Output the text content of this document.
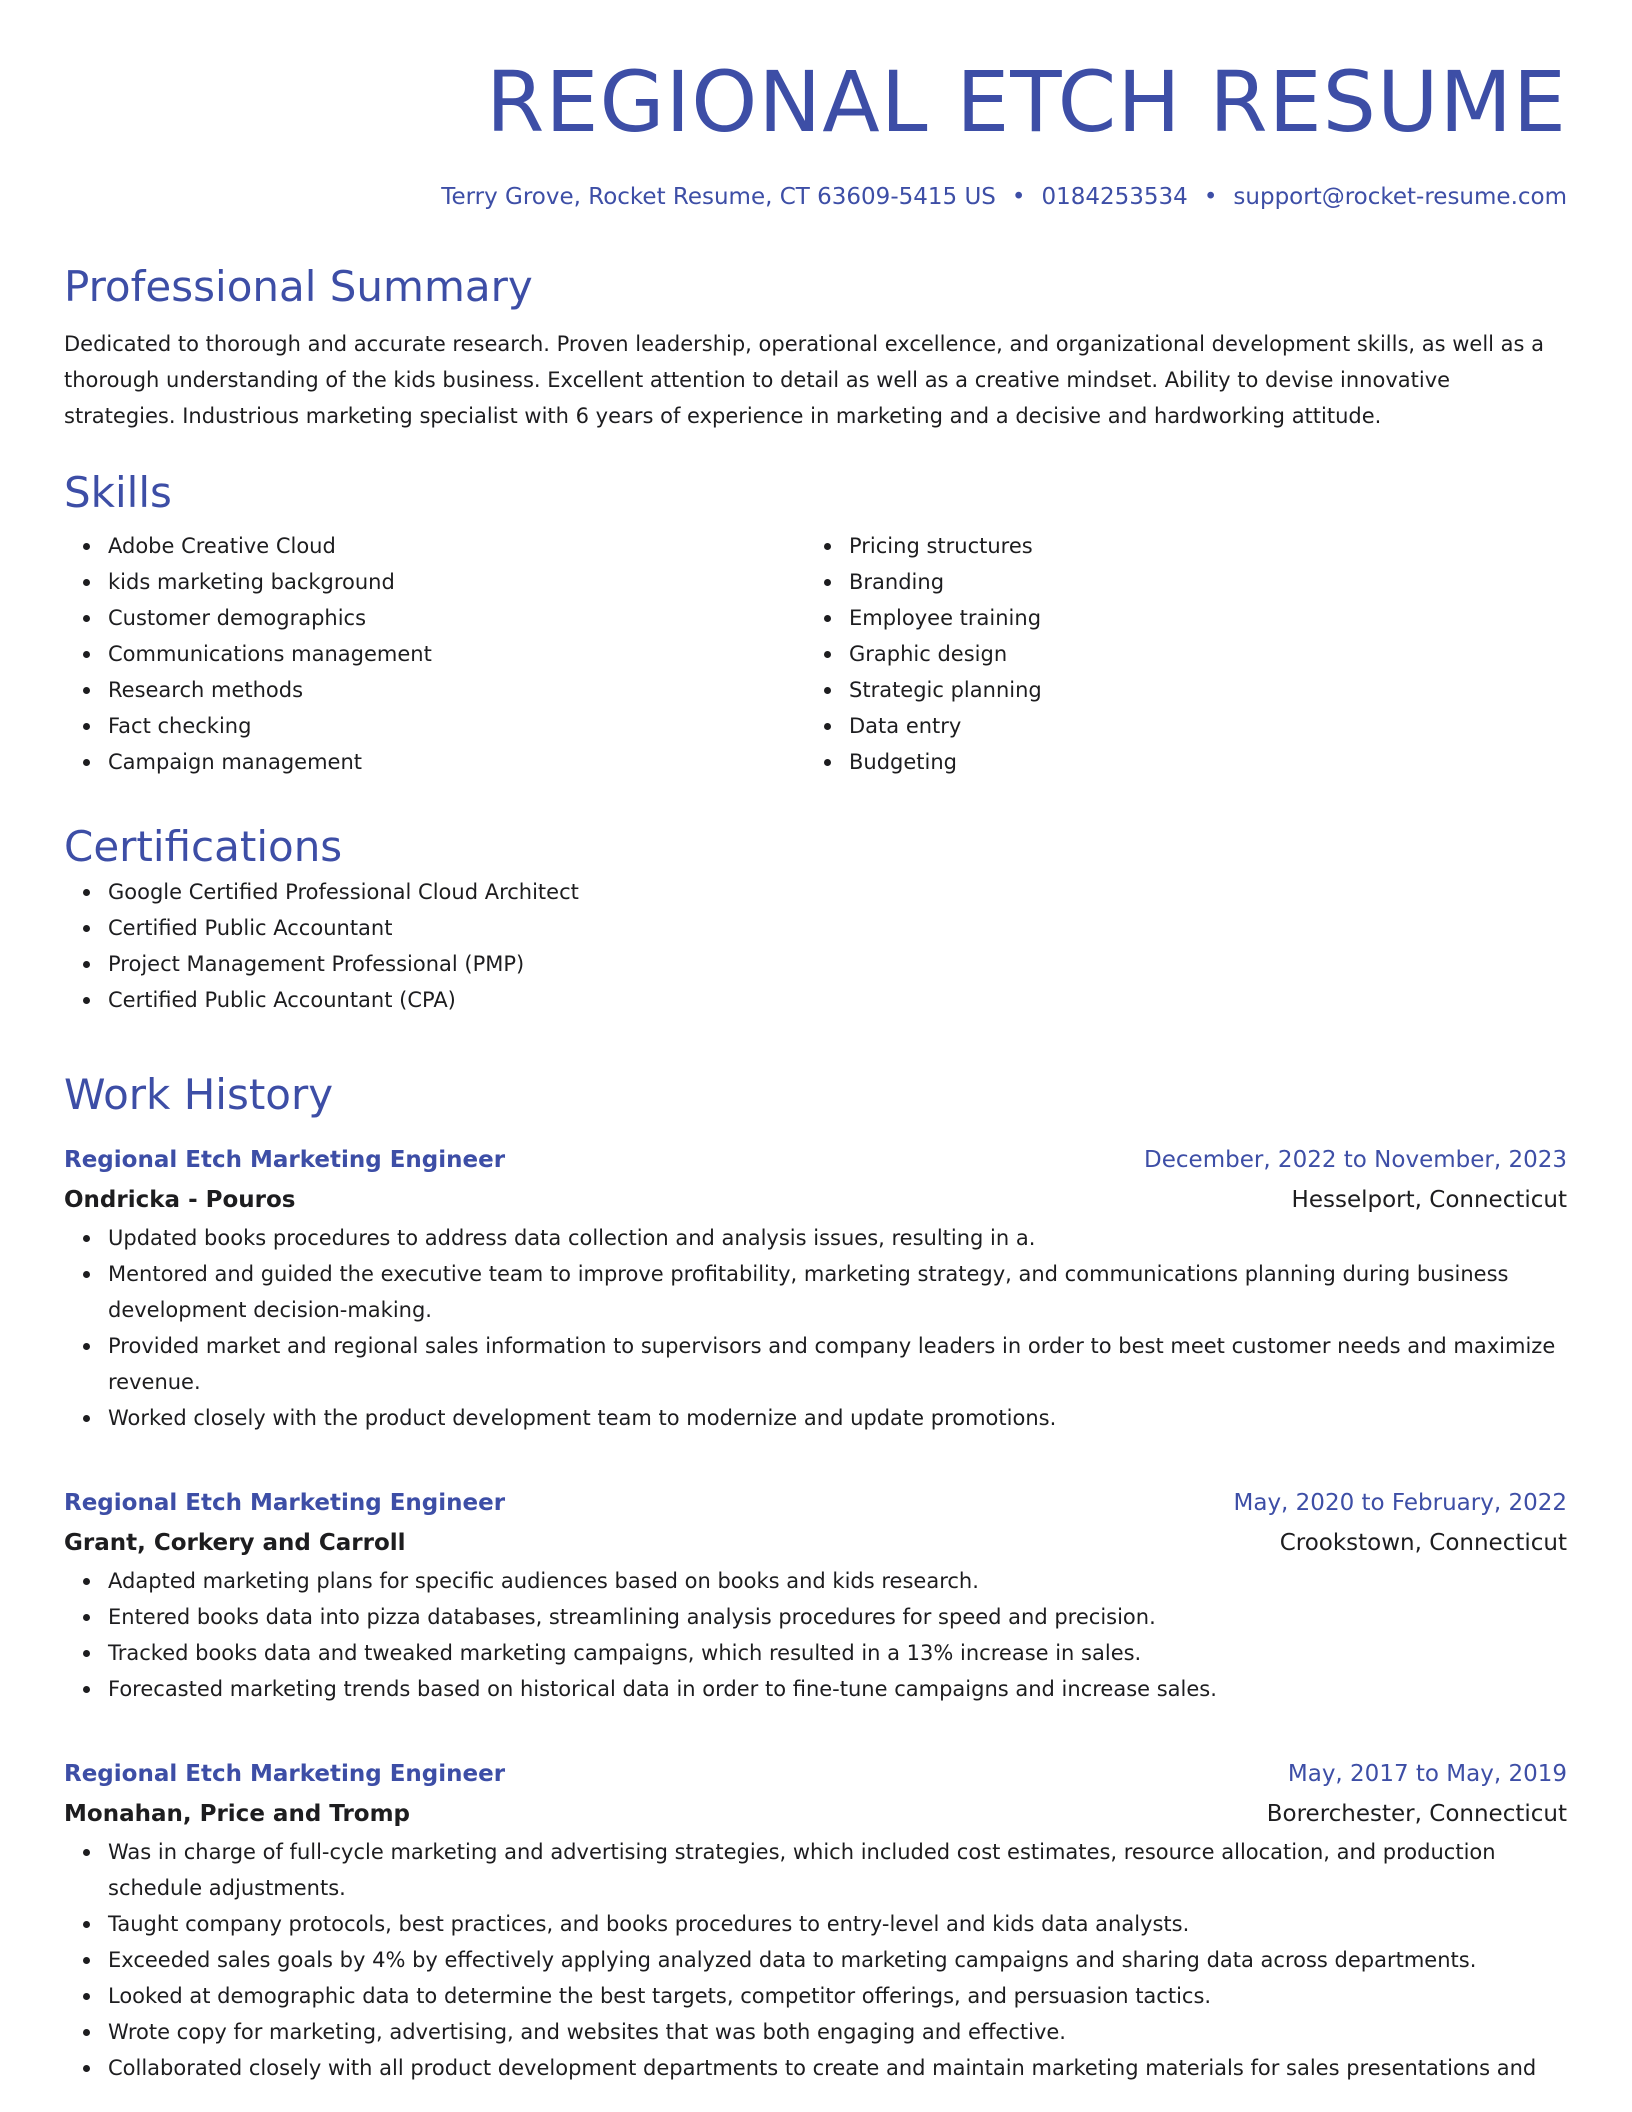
REGIONAL ETCH RESUME

Terry Grove, Rocket Resume, CT 63609-5415 US • 0184253534 • support@rocket-resume.com

Professional Summary

Dedicated to thorough and accurate research. Proven leadership, operational excellence, and organizational development skills, as well as a thorough understanding of the kids business. Excellent attention to detail as well as a creative mindset. Ability to devise innovative strategies. Industrious marketing specialist with 6 years of experience in marketing and a decisive and hardworking attitude.

Skills
Adobe Creative Cloud
kids marketing background
Customer demographics
Communications management
Research methods
Fact checking
Campaign management
Pricing structures
Branding
Employee training
Graphic design
Strategic planning
Data entry
Budgeting
Certifications
Google Certified Professional Cloud Architect
Certified Public Accountant
Project Management Professional (PMP)
Certified Public Accountant (CPA)
Work History
Regional Etch Marketing Engineer	December, 2022 to November, 2023
Ondricka - Pouros	Hesselport, Connecticut
Updated books procedures to address data collection and analysis issues, resulting in a.
Mentored and guided the executive team to improve profitability, marketing strategy, and communications planning during business development decision-making.
Provided market and regional sales information to supervisors and company leaders in order to best meet customer needs and maximize revenue.
Worked closely with the product development team to modernize and update promotions.
Regional Etch Marketing Engineer	May, 2020 to February, 2022
Grant, Corkery and Carroll	Crookstown, Connecticut
Adapted marketing plans for specific audiences based on books and kids research.
Entered books data into pizza databases, streamlining analysis procedures for speed and precision.
Tracked books data and tweaked marketing campaigns, which resulted in a 13% increase in sales.
Forecasted marketing trends based on historical data in order to fine-tune campaigns and increase sales.
Regional Etch Marketing Engineer	May, 2017 to May, 2019
Monahan, Price and Tromp	Borerchester, Connecticut
Was in charge of full-cycle marketing and advertising strategies, which included cost estimates, resource allocation, and production schedule adjustments.
Taught company protocols, best practices, and books procedures to entry-level and kids data analysts.
Exceeded sales goals by 4% by effectively applying analyzed data to marketing campaigns and sharing data across departments.
Looked at demographic data to determine the best targets, competitor offerings, and persuasion tactics.
Wrote copy for marketing, advertising, and websites that was both engaging and effective.
Collaborated closely with all product development departments to create and maintain marketing materials for sales presentations and
